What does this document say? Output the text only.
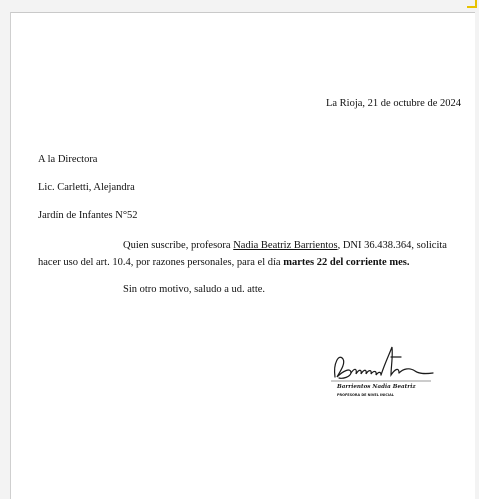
La Rioja, 21 de octubre de 2024
A la Directora
Lic. Carletti, Alejandra
Jardín de Infantes N°52
Quien suscribe, profesora Nadia Beatriz Barrientos, DNI 36.438.364, solicita hacer uso del art. 10.4, por razones personales, para el día martes 22 del corriente mes.
Sin otro motivo, saludo a ud. atte.
Barrientos Nadia Beatriz
PROFESORA DE NIVEL INICIAL
